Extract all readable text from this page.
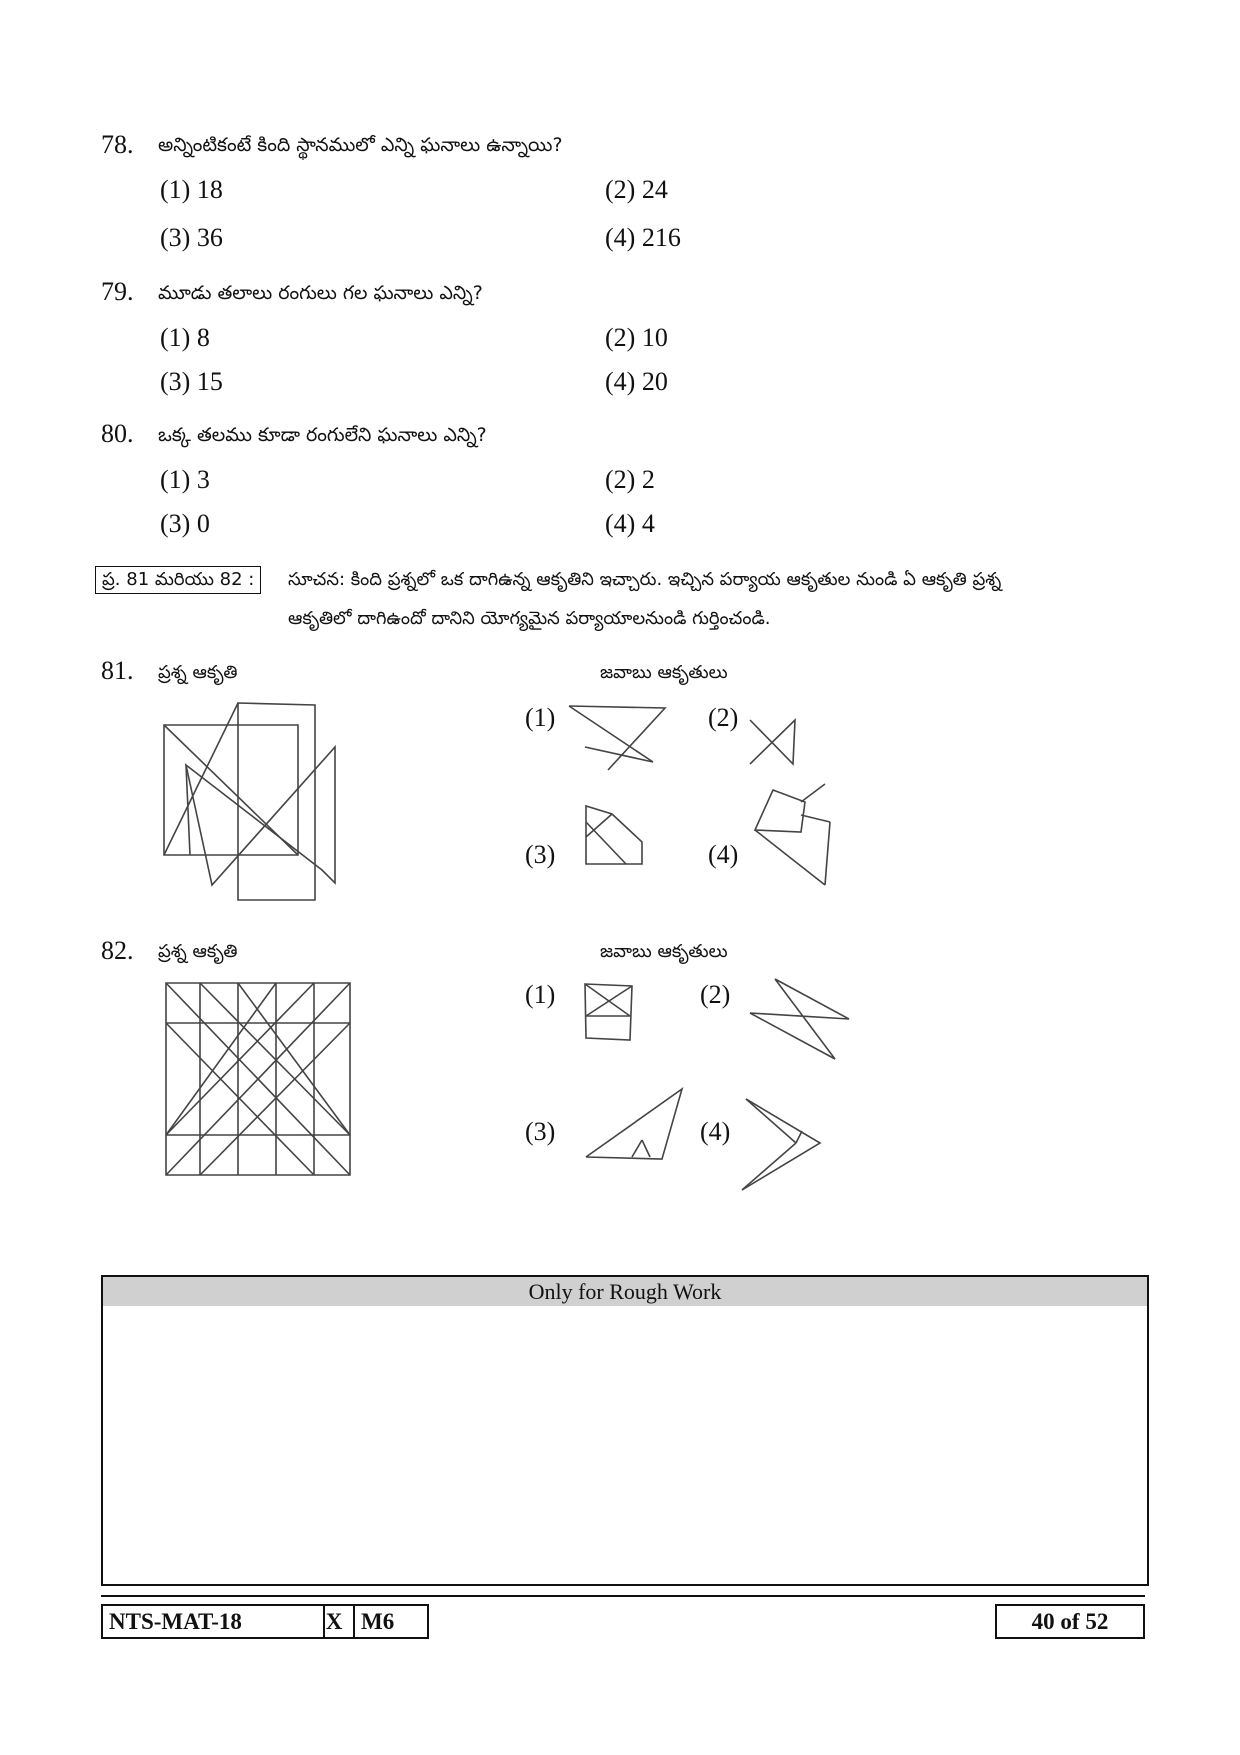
78. అన్నింటికంటే కింది స్థానములో ఎన్ని ఘనాలు ఉన్నాయి?
(1) 18	(2) 24
(3) 36	(4) 216
79. మూడు తలాలు రంగులు గల ఘనాలు ఎన్ని?
(1) 8	(2) 10
(3) 15	(4) 20
80. ఒక్క తలము కూడా రంగులేని ఘనాలు ఎన్ని?
(1) 3	(2) 2
(3) 0	(4) 4
ప్ర. 81 మరియు 82 :	సూచన: కింది ప్రశ్నలో ఒక దాగిఉన్న ఆకృతిని ఇచ్చారు. ఇచ్చిన పర్యాయ ఆకృతుల నుండి ఏ ఆకృతి ప్రశ్న
ఆకృతిలో దాగిఉందో దానిని యోగ్యమైన పర్యాయాలనుండి గుర్తించండి.
81. ప్రశ్న ఆకృతి	జవాబు ఆకృతులు
(1)	(2)
(3)	(4)
82. ప్రశ్న ఆకృతి	జవాబు ఆకృతులు
(1)	(2)
(3)	(4)
Only for Rough Work
NTS-MAT-18	X M6	40 of 52
